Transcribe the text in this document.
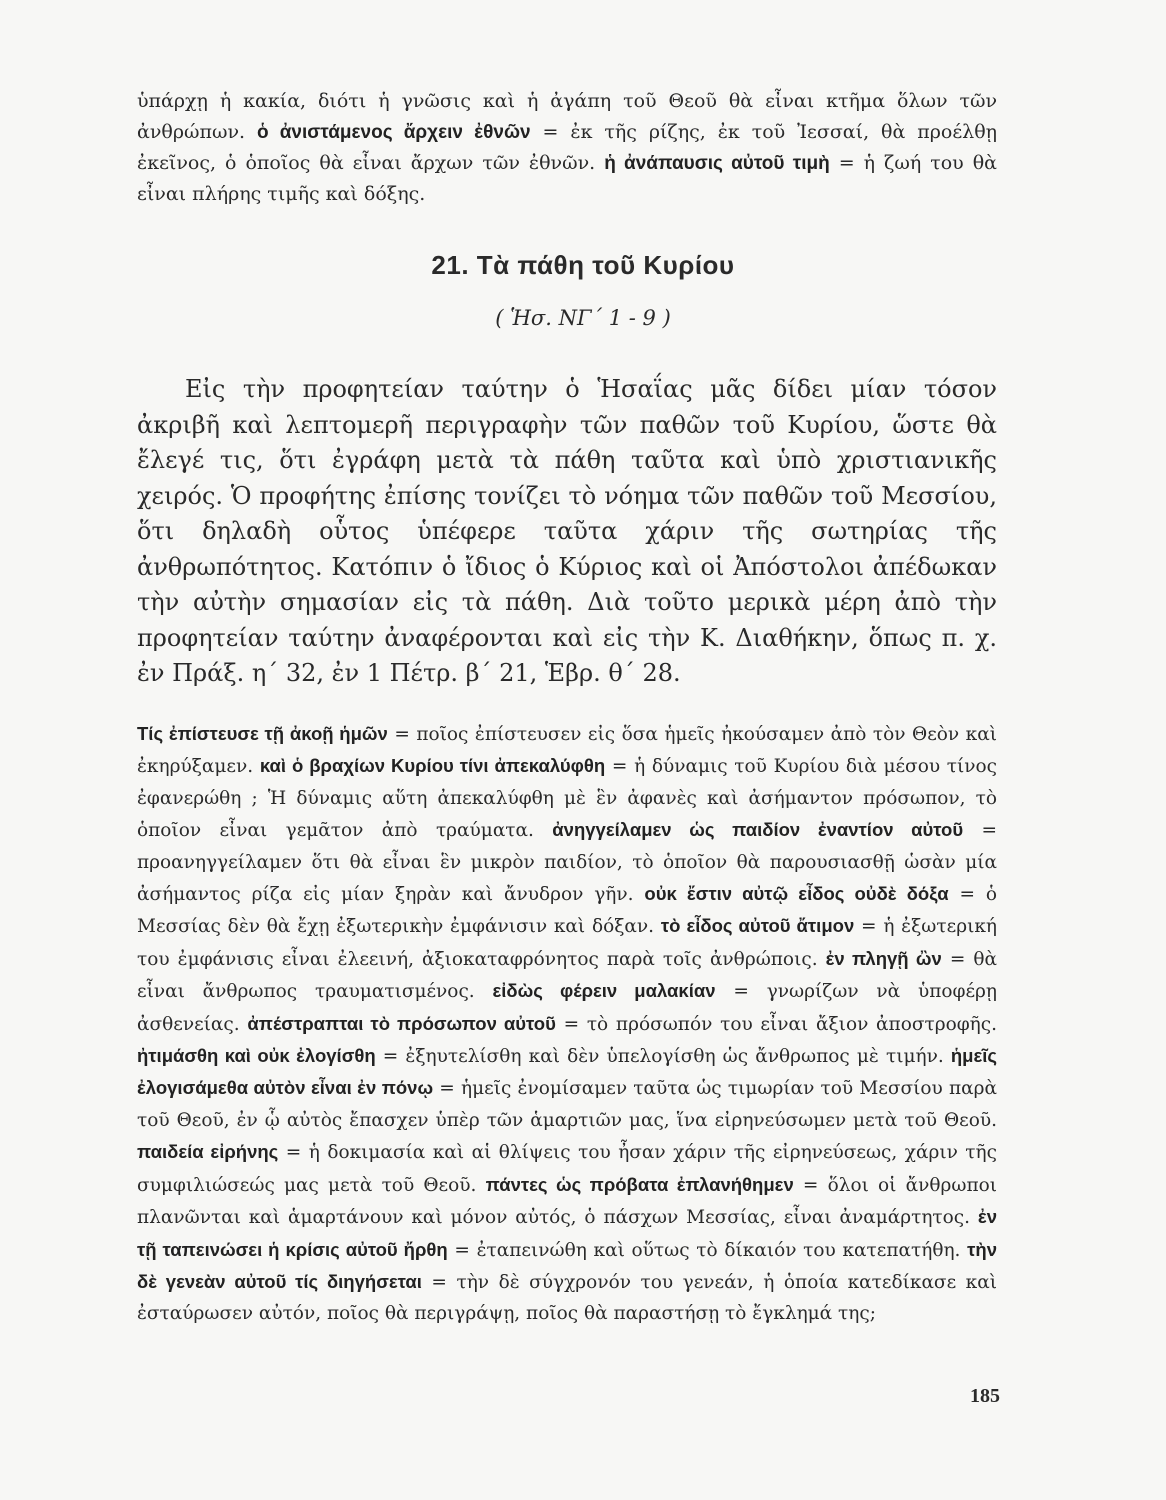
ὑπάρχῃ ἡ κακία, διότι ἡ γνῶσις καὶ ἡ ἀγάπη τοῦ Θεοῦ θὰ εἶναι κτῆμα ὅλων τῶν ἀνθρώπων. ὁ ἀνιστάμενος ἄρχειν ἐθνῶν = ἐκ τῆς ρίζης, ἐκ τοῦ Ἰεσσαί, θὰ προέλθῃ ἐκεῖνος, ὁ ὁποῖος θὰ εἶναι ἄρχων τῶν ἐθνῶν. ἡ ἀνάπαυσις αὐτοῦ τιμὴ = ἡ ζωή του θὰ εἶναι πλήρης τιμῆς καὶ δόξης.
21. Τὰ πάθη τοῦ Κυρίου
( Ἡσ. ΝΓ΄ 1 - 9 )

Εἰς τὴν προφητείαν ταύτην ὁ Ἡσαΐας μᾶς δίδει μίαν τόσον ἀκριβῆ καὶ λεπτομερῆ περιγραφὴν τῶν παθῶν τοῦ Κυρίου, ὥστε θὰ ἔλεγέ τις, ὅτι ἐγράφη μετὰ τὰ πάθη ταῦτα καὶ ὑπὸ χριστιανικῆς χειρός. Ὁ προφήτης ἐπίσης τονίζει τὸ νόημα τῶν παθῶν τοῦ Μεσσίου, ὅτι δηλαδὴ οὗτος ὑπέφερε ταῦτα χάριν τῆς σωτηρίας τῆς ἀνθρωπότητος. Κατόπιν ὁ ἴδιος ὁ Κύριος καὶ οἱ Ἀπόστολοι ἀπέδωκαν τὴν αὐτὴν σημασίαν εἰς τὰ πάθη. Διὰ τοῦτο μερικὰ μέρη ἀπὸ τὴν προφητείαν ταύτην ἀναφέρονται καὶ εἰς τὴν Κ. Διαθήκην, ὅπως π. χ. ἐν Πράξ. η΄ 32, ἐν 1 Πέτρ. β΄ 21, Ἑβρ. θ΄ 28.

Τίς ἐπίστευσε τῇ ἀκοῇ ἡμῶν = ποῖος ἐπίστευσεν εἰς ὅσα ἡμεῖς ἠκούσαμεν ἀπὸ τὸν Θεὸν καὶ ἐκηρύξαμεν. καὶ ὁ βραχίων Κυρίου τίνι ἀπεκαλύφθη = ἡ δύναμις τοῦ Κυρίου διὰ μέσου τίνος ἐφανερώθη ; Ἡ δύναμις αὕτη ἀπεκαλύφθη μὲ ἓν ἀφανὲς καὶ ἀσήμαντον πρόσωπον, τὸ ὁποῖον εἶναι γεμᾶτον ἀπὸ τραύματα. ἀνηγγείλαμεν ὡς παιδίον ἐναντίον αὐτοῦ = προανηγγείλαμεν ὅτι θὰ εἶναι ἓν μικρὸν παιδίον, τὸ ὁποῖον θὰ παρουσιασθῇ ὡσὰν μία ἀσήμαντος ρίζα εἰς μίαν ξηρὰν καὶ ἄνυδρον γῆν. οὐκ ἔστιν αὐτῷ εἶδος οὐδὲ δόξα = ὁ Μεσσίας δὲν θὰ ἔχῃ ἐξωτερικὴν ἐμφάνισιν καὶ δόξαν. τὸ εἶδος αὐτοῦ ἄτιμον = ἡ ἐξωτερική του ἐμφάνισις εἶναι ἐλεεινή, ἀξιοκαταφρόνητος παρὰ τοῖς ἀνθρώποις. ἐν πληγῇ ὢν = θὰ εἶναι ἄνθρωπος τραυματισμένος. εἰδὼς φέρειν μαλακίαν = γνωρίζων νὰ ὑποφέρῃ ἀσθενείας. ἀπέστραπται τὸ πρόσωπον αὐτοῦ = τὸ πρόσωπόν του εἶναι ἄξιον ἀποστροφῆς. ἠτιμάσθη καὶ οὐκ ἐλογίσθη = ἐξηυτελίσθη καὶ δὲν ὑπελογίσθη ὡς ἄνθρωπος μὲ τιμήν. ἡμεῖς ἐλογισάμεθα αὐτὸν εἶναι ἐν πόνῳ = ἡμεῖς ἐνομίσαμεν ταῦτα ὡς τιμωρίαν τοῦ Μεσσίου παρὰ τοῦ Θεοῦ, ἐν ᾧ αὐτὸς ἔπασχεν ὑπὲρ τῶν ἁμαρτιῶν μας, ἵνα εἰρηνεύσωμεν μετὰ τοῦ Θεοῦ. παιδεία εἰρήνης = ἡ δοκιμασία καὶ αἱ θλίψεις του ἦσαν χάριν τῆς εἰρηνεύσεως, χάριν τῆς συμφιλιώσεώς μας μετὰ τοῦ Θεοῦ. πάντες ὡς πρόβατα ἐπλανήθημεν = ὅλοι οἱ ἄνθρωποι πλανῶνται καὶ ἁμαρτάνουν καὶ μόνον αὐτός, ὁ πάσχων Μεσσίας, εἶναι ἀναμάρτητος. ἐν τῇ ταπεινώσει ἡ κρίσις αὐτοῦ ἤρθη = ἐταπεινώθη καὶ οὕτως τὸ δίκαιόν του κατεπατήθη. τὴν δὲ γενεὰν αὐτοῦ τίς διηγήσεται = τὴν δὲ σύγχρονόν του γενεάν, ἡ ὁποία κατεδίκασε καὶ ἐσταύρωσεν αὐτόν, ποῖος θὰ περιγράψῃ, ποῖος θὰ παραστήσῃ τὸ ἔγκλημά της;
185
